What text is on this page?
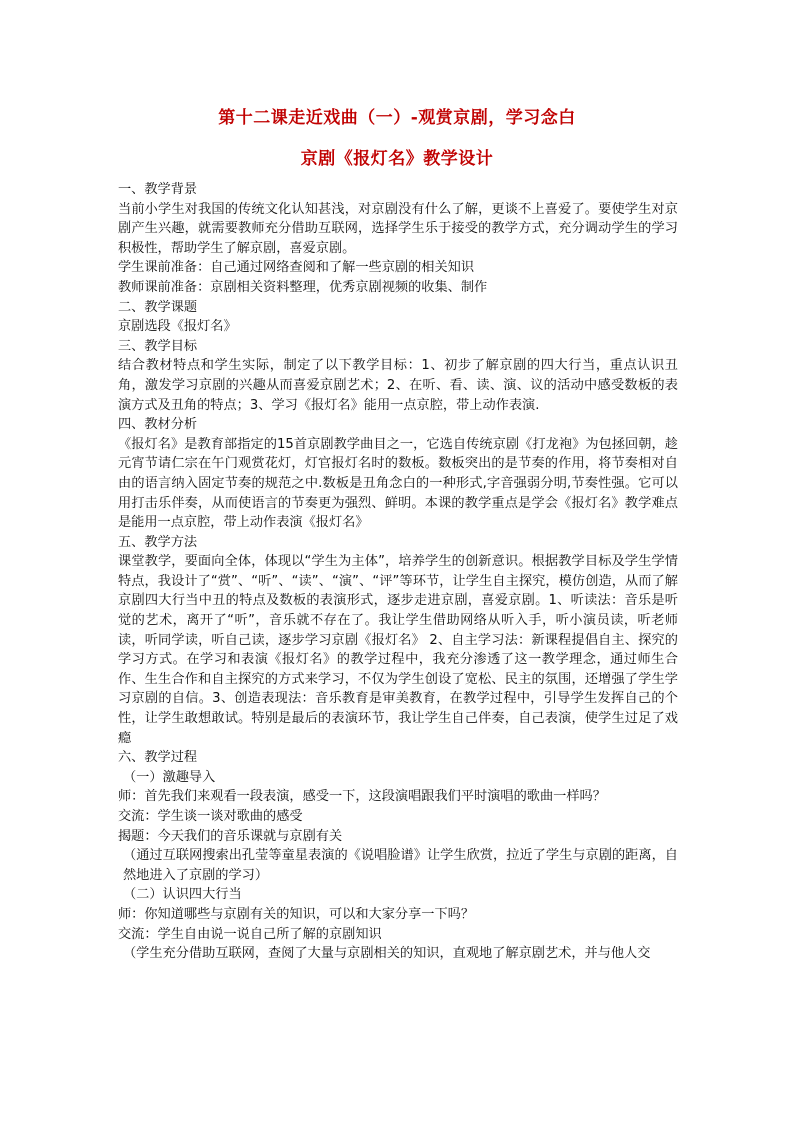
第十二课走近戏曲（一）-观赏京剧，学习念白
京剧《报灯名》教学设计

一、教学背景

当前小学生对我国的传统文化认知甚浅，对京剧没有什么了解，更谈不上喜爱了。要使学生对京剧产生兴趣，就需要教师充分借助互联网，选择学生乐于接受的教学方式，充分调动学生的学习积极性，帮助学生了解京剧，喜爱京剧。

学生课前准备：自己通过网络查阅和了解一些京剧的相关知识

教师课前准备：京剧相关资料整理，优秀京剧视频的收集、制作

二、教学课题

京剧选段《报灯名》

三、教学目标

结合教材特点和学生实际，制定了以下教学目标：1、初步了解京剧的四大行当，重点认识丑角，激发学习京剧的兴趣从而喜爱京剧艺术；2、在听、看、读、演、议的活动中感受数板的表演方式及丑角的特点；3、学习《报灯名》能用一点京腔，带上动作表演.

四、教材分析

《报灯名》是教育部指定的15首京剧教学曲目之一，它选自传统京剧《打龙袍》为包拯回朝，趁元宵节请仁宗在午门观赏花灯，灯官报灯名时的数板。数板突出的是节奏的作用，将节奏相对自由的语言纳入固定节奏的规范之中.数板是丑角念白的一种形式,字音强弱分明,节奏性强。它可以用打击乐伴奏，从而使语言的节奏更为强烈、鲜明。本课的教学重点是学会《报灯名》教学难点是能用一点京腔，带上动作表演《报灯名》

五、教学方法

课堂教学，要面向全体，体现以“学生为主体”，培养学生的创新意识。根据教学目标及学生学情特点，我设计了“赏”、“听”、“读”、“演”、“评”等环节，让学生自主探究，模仿创造，从而了解京剧四大行当中丑的特点及数板的表演形式，逐步走进京剧，喜爱京剧。1、听读法：音乐是听觉的艺术，离开了“听”，音乐就不存在了。我让学生借助网络从听入手，听小演员读，听老师读，听同学读，听自己读，逐步学习京剧《报灯名》 2、自主学习法：新课程提倡自主、探究的学习方式。在学习和表演《报灯名》的教学过程中，我充分渗透了这一教学理念，通过师生合作、生生合作和自主探究的方式来学习，不仅为学生创设了宽松、民主的氛围，还增强了学生学习京剧的自信。3、创造表现法：音乐教育是审美教育，在教学过程中，引导学生发挥自己的个性，让学生敢想敢试。特别是最后的表演环节，我让学生自己伴奏，自己表演，使学生过足了戏瘾

六、教学过程

（一）激趣导入

师：首先我们来观看一段表演，感受一下，这段演唱跟我们平时演唱的歌曲一样吗？

交流：学生谈一谈对歌曲的感受

揭题：今天我们的音乐课就与京剧有关

（通过互联网搜索出孔莹等童星表演的《说唱脸谱》让学生欣赏，拉近了学生与京剧的距离，自然地进入了京剧的学习）

（二）认识四大行当

师：你知道哪些与京剧有关的知识，可以和大家分享一下吗？

交流：学生自由说一说自己所了解的京剧知识

（学生充分借助互联网，查阅了大量与京剧相关的知识，直观地了解京剧艺术，并与他人交
